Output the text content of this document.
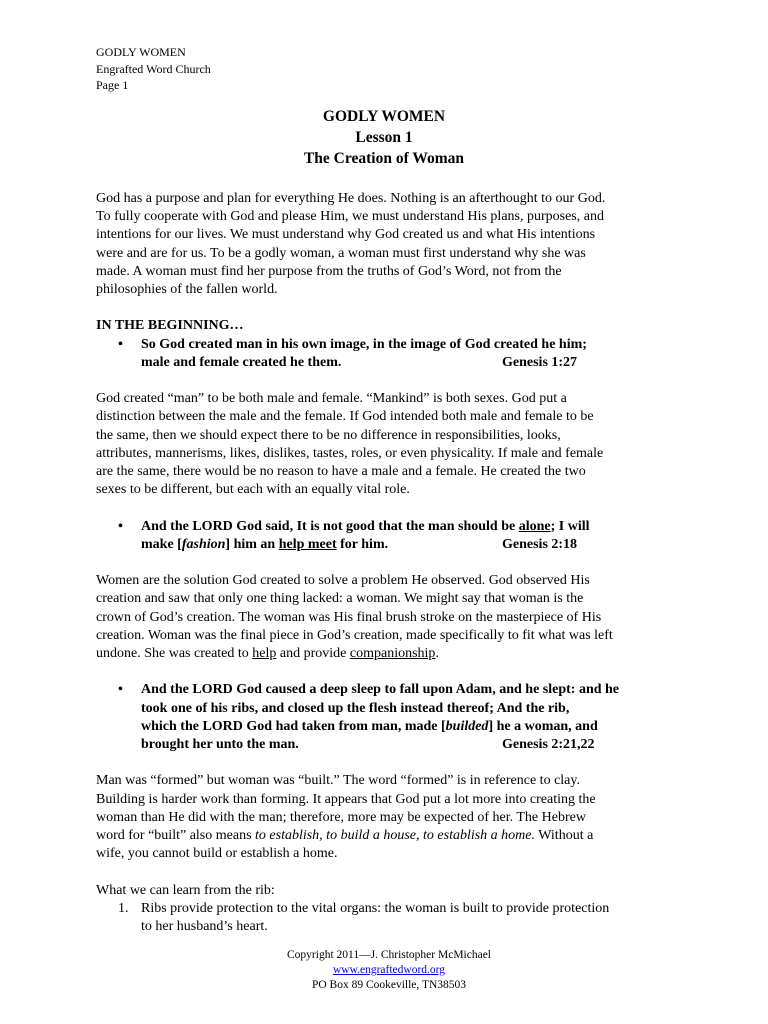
GODLY WOMEN
Engrafted Word Church
Page 1
GODLY WOMEN
Lesson 1
The Creation of Woman

God has a purpose and plan for everything He does. Nothing is an afterthought to our God.

To fully cooperate with God and please Him, we must understand His plans, purposes, and

intentions for our lives. We must understand why God created us and what His intentions

were and are for us. To be a godly woman, a woman must first understand why she was

made. A woman must find her purpose from the truths of God’s Word, not from the

philosophies of the fallen world.

IN THE BEGINNING…

• So God created man in his own image, in the image of God created he him;

male and female created he them.	Genesis 1:27

God created “man” to be both male and female. “Mankind” is both sexes. God put a

distinction between the male and the female. If God intended both male and female to be

the same, then we should expect there to be no difference in responsibilities, looks,

attributes, mannerisms, likes, dislikes, tastes, roles, or even physicality. If male and female

are the same, there would be no reason to have a male and a female. He created the two

sexes to be different, but each with an equally vital role.

• And the LORD God said, It is not good that the man should be alone; I will

make [fashion] him an help meet for him.	Genesis 2:18

Women are the solution God created to solve a problem He observed. God observed His

creation and saw that only one thing lacked: a woman. We might say that woman is the

crown of God’s creation. The woman was His final brush stroke on the masterpiece of His

creation. Woman was the final piece in God’s creation, made specifically to fit what was left

undone. She was created to help and provide companionship.

• And the LORD God caused a deep sleep to fall upon Adam, and he slept: and he

took one of his ribs, and closed up the flesh instead thereof; And the rib,

which the LORD God had taken from man, made [builded] he a woman, and

brought her unto the man.	Genesis 2:21,22

Man was “formed” but woman was “built.” The word “formed” is in reference to clay.

Building is harder work than forming. It appears that God put a lot more into creating the

woman than He did with the man; therefore, more may be expected of her. The Hebrew

word for “built” also means to establish, to build a house, to establish a home. Without a

wife, you cannot build or establish a home.

What we can learn from the rib:

1. Ribs provide protection to the vital organs: the woman is built to provide protection

to her husband’s heart.

Copyright 2011—J. Christopher McMichael
www.engraftedword.org
PO Box 89 Cookeville, TN38503
